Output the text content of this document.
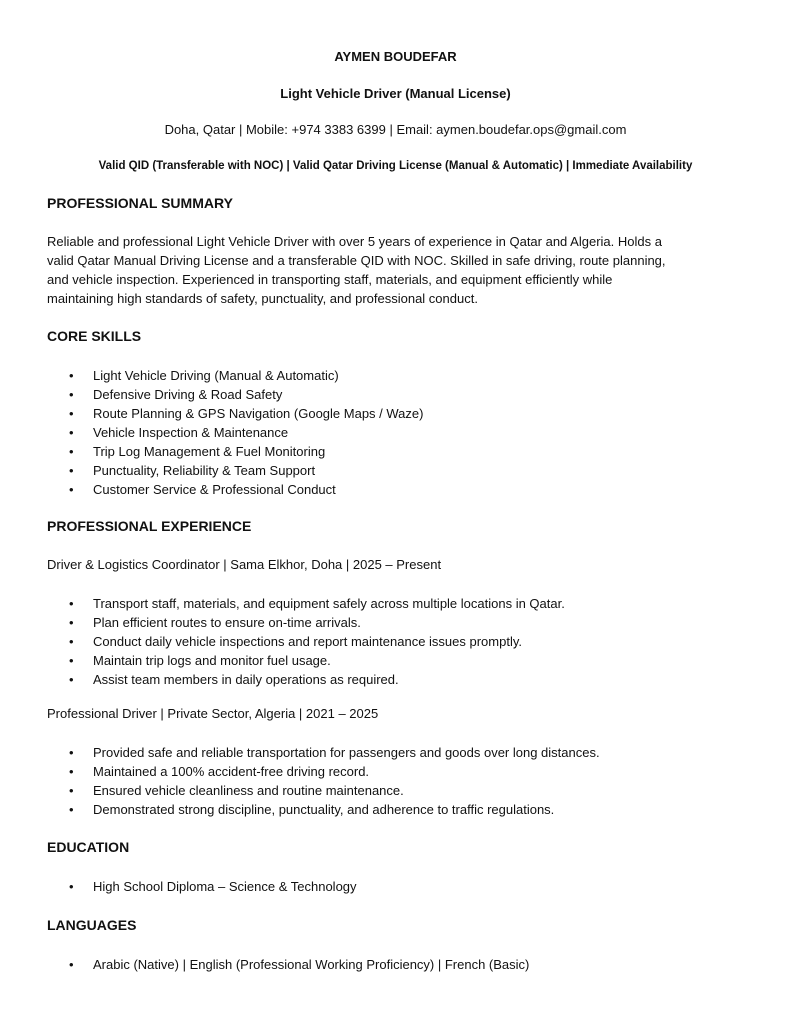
AYMEN BOUDEFAR
Light Vehicle Driver (Manual License)
Doha, Qatar | Mobile: +974 3383 6399 | Email: aymen.boudefar.ops@gmail.com
Valid QID (Transferable with NOC) | Valid Qatar Driving License (Manual & Automatic) | Immediate Availability
PROFESSIONAL SUMMARY
Reliable and professional Light Vehicle Driver with over 5 years of experience in Qatar and Algeria. Holds a
valid Qatar Manual Driving License and a transferable QID with NOC. Skilled in safe driving, route planning,
and vehicle inspection. Experienced in transporting staff, materials, and equipment efficiently while
maintaining high standards of safety, punctuality, and professional conduct.
CORE SKILLS
• Light Vehicle Driving (Manual & Automatic)
• Defensive Driving & Road Safety
• Route Planning & GPS Navigation (Google Maps / Waze)
• Vehicle Inspection & Maintenance
• Trip Log Management & Fuel Monitoring
• Punctuality, Reliability & Team Support
• Customer Service & Professional Conduct
PROFESSIONAL EXPERIENCE
Driver & Logistics Coordinator | Sama Elkhor, Doha | 2025 – Present
• Transport staff, materials, and equipment safely across multiple locations in Qatar.
• Plan efficient routes to ensure on-time arrivals.
• Conduct daily vehicle inspections and report maintenance issues promptly.
• Maintain trip logs and monitor fuel usage.
• Assist team members in daily operations as required.
Professional Driver | Private Sector, Algeria | 2021 – 2025
• Provided safe and reliable transportation for passengers and goods over long distances.
• Maintained a 100% accident-free driving record.
• Ensured vehicle cleanliness and routine maintenance.
• Demonstrated strong discipline, punctuality, and adherence to traffic regulations.
EDUCATION
• High School Diploma – Science & Technology
LANGUAGES
• Arabic (Native) | English (Professional Working Proficiency) | French (Basic)
